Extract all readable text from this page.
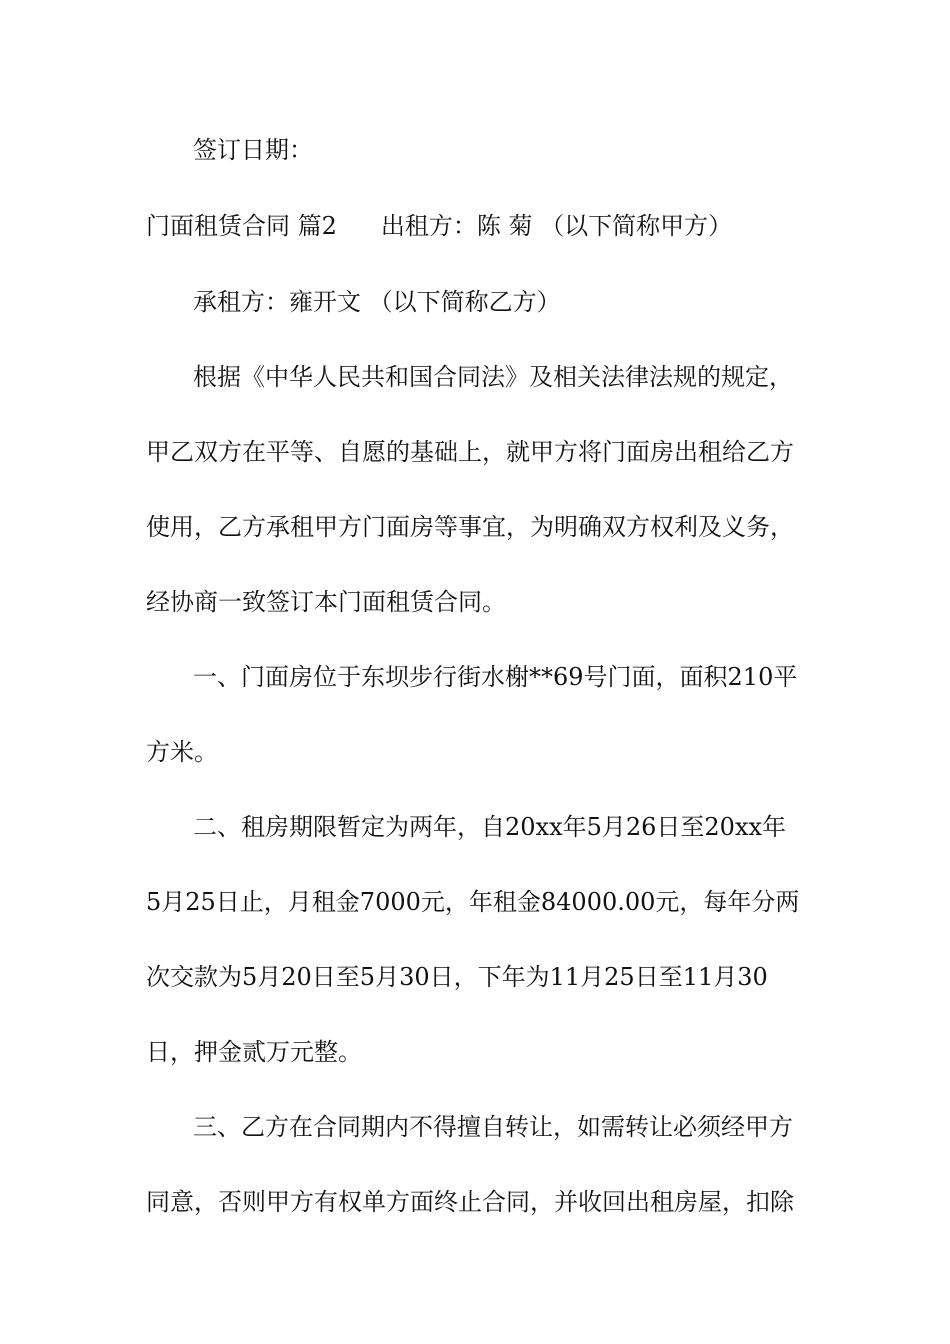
签订日期：
门面租赁合同 篇2 出租方：陈 菊 （以下简称甲方）
承租方：雍开文 （以下简称乙方）
根据《中华人民共和国合同法》及相关法律法规的规定，
甲乙双方在平等、自愿的基础上，就甲方将门面房出租给乙方
使用，乙方承租甲方门面房等事宜，为明确双方权利及义务，
经协商一致签订本门面租赁合同。
一、门面房位于东坝步行街水榭**69号门面，面积210平
方米。
二、租房期限暂定为两年，自20xx年5月26日至20xx年
5月25日止，月租金7000元，年租金84000.00元，每年分两
次交款为5月20日至5月30日，下年为11月25日至11月30
日，押金贰万元整。
三、乙方在合同期内不得擅自转让，如需转让必须经甲方
同意，否则甲方有权单方面终止合同，并收回出租房屋，扣除
